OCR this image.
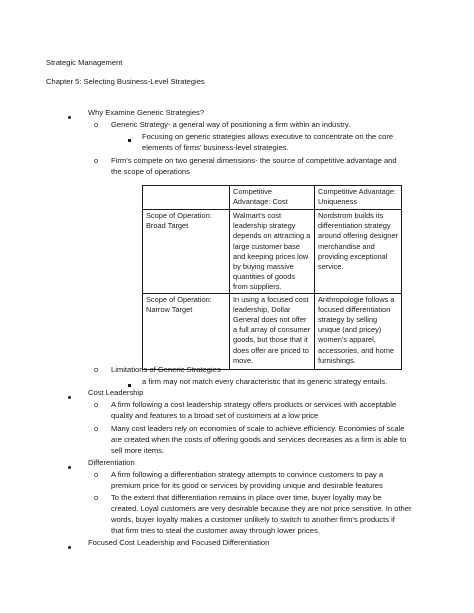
Strategic Management
Chapter 5: Selecting Business-Level Strategies
Why Examine Generic Strategies?
o Generic Strategy- a general way of positioning a firm within an industry.
Focusing on generic strategies allows executive to concentrate on the core
elements of firms’ business-level strategies.
o Firm’s compete on two general dimensions- the source of competitive advantage and
the scope of operations
	Competitive Advantage: Cost	Competitive Advantage: Uniqueness
Scope of Operation: Broad Target	Walmart’s cost leadership strategy depends on attracting a large customer base and keeping prices low by buying massive quantities of goods from suppliers.	Nordstrom builds its differentiation strategy around offering designer merchandise and providing exceptional service.
Scope of Operation: Narrow Target	In using a focused cost leadership, Dollar General does not offer a full array of consumer goods, but those that it does offer are priced to move.	Anthropologie follows a focused differentiation strategy by selling unique (and pricey) women’s apparel, accessories, and home furnishings.
o Limitations of Generic Strategies
a firm may not match every characteristic that its generic strategy entails.
Cost Leadership
o A firm following a cost leadership strategy offers products or services with acceptable
quality and features to a broad set of customers at a low price
o Many cost leaders rely on economies of scale to achieve efficiency. Economies of scale
are created when the costs of offering goods and services decreases as a firm is able to
sell more items.
Differentiation
o A firm following a differentiation strategy attempts to convince customers to pay a
premium price for its good or services by providing unique and desirable features
o To the extent that differentiation remains in place over time, buyer loyalty may be
created. Loyal customers are very desirable because they are not price sensitive. In other
words, buyer loyalty makes a customer unlikely to switch to another firm’s products if
that firm tries to steal the customer away through lower prices.
Focused Cost Leadership and Focused Differentiation
